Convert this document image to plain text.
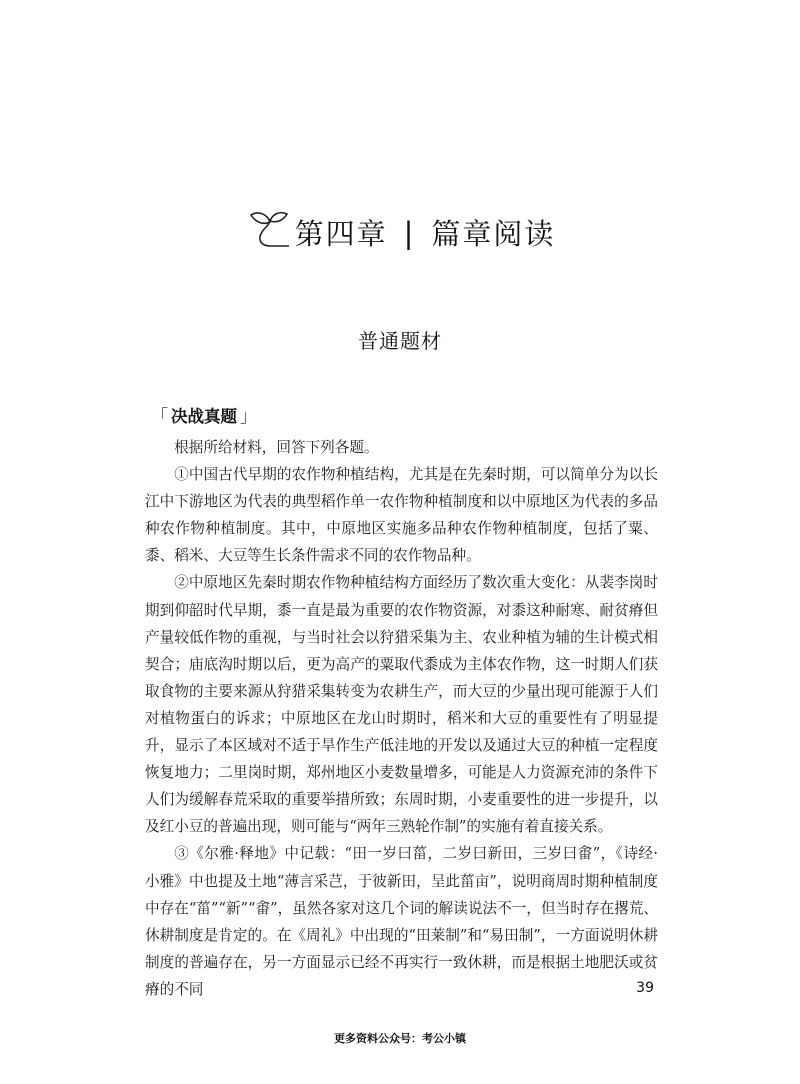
第四章 | 篇章阅读
普通题材
「 决战真题 」

根据所给材料，回答下列各题。

①中国古代早期的农作物种植结构，尤其是在先秦时期，可以简单分为以长江中下游地区为代表的典型稻作单一农作物种植制度和以中原地区为代表的多品种农作物种植制度。其中，中原地区实施多品种农作物种植制度，包括了粟、黍、稻米、大豆等生长条件需求不同的农作物品种。

②中原地区先秦时期农作物种植结构方面经历了数次重大变化：从裴李岗时期到仰韶时代早期，黍一直是最为重要的农作物资源，对黍这种耐寒、耐贫瘠但产量较低作物的重视，与当时社会以狩猎采集为主、农业种植为辅的生计模式相契合；庙底沟时期以后，更为高产的粟取代黍成为主体农作物，这一时期人们获取食物的主要来源从狩猎采集转变为农耕生产，而大豆的少量出现可能源于人们对植物蛋白的诉求；中原地区在龙山时期时，稻米和大豆的重要性有了明显提升，显示了本区域对不适于旱作生产低洼地的开发以及通过大豆的种植一定程度恢复地力；二里岗时期，郑州地区小麦数量增多，可能是人力资源充沛的条件下人们为缓解春荒采取的重要举措所致；东周时期，小麦重要性的进一步提升，以及红小豆的普遍出现，则可能与“两年三熟轮作制”的实施有着直接关系。

③《尔雅·释地》中记载：“田一岁曰菑，二岁曰新田，三岁曰畬”，《诗经·小雅》中也提及土地“薄言采芑，于彼新田，呈此菑亩”，说明商周时期种植制度中存在“菑”“新”“畬”，虽然各家对这几个词的解读说法不一，但当时存在撂荒、休耕制度是肯定的。在《周礼》中出现的“田莱制”和“易田制”，一方面说明休耕制度的普遍存在，另一方面显示已经不再实行一致休耕，而是根据土地肥沃或贫瘠的不同	39
更多资料公众号：考公小镇
